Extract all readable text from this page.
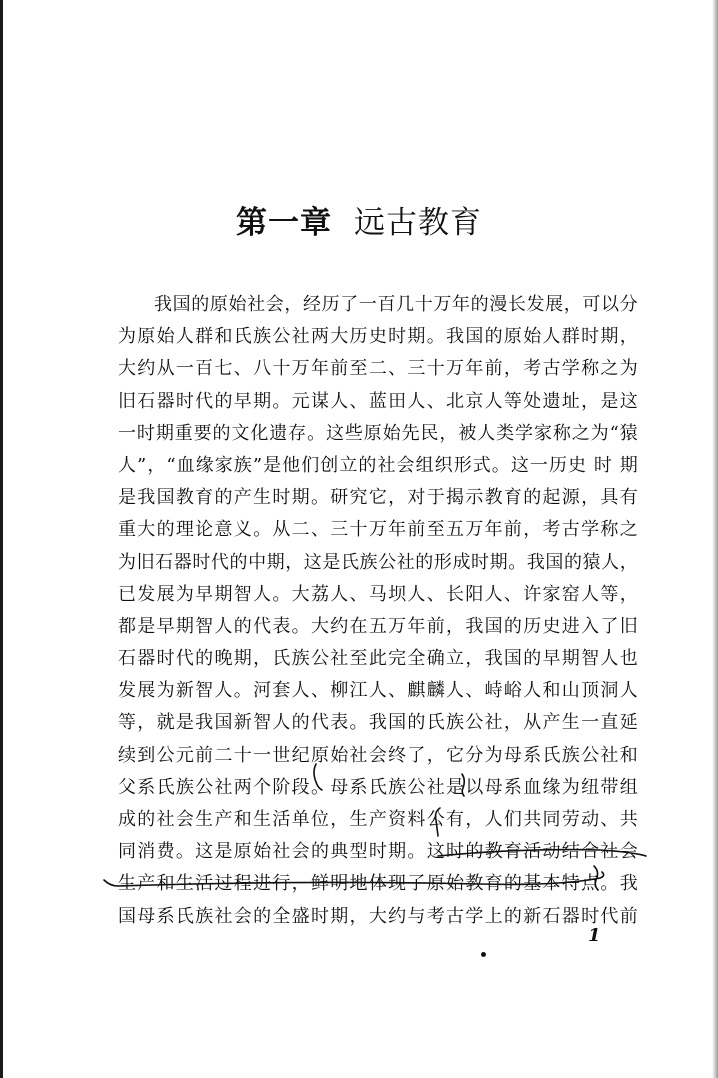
第一章 远古教育
我国的原始社会，经历了一百几十万年的漫长发展，可以分
为原始人群和氏族公社两大历史时期。我国的原始人群时期，
大约从一百七、八十万年前至二、三十万年前，考古学称之为
旧石器时代的早期。元谋人、蓝田人、北京人等处遗址，是这
一时期重要的文化遗存。这些原始先民，被人类学家称之为“猿
人”，“血缘家族”是他们创立的社会组织形式。这一历史 时 期
是我国教育的产生时期。研究它，对于揭示教育的起源，具有
重大的理论意义。从二、三十万年前至五万年前，考古学称之
为旧石器时代的中期，这是氏族公社的形成时期。我国的猿人，
已发展为早期智人。大荔人、马坝人、长阳人、许家窑人等，
都是早期智人的代表。大约在五万年前，我国的历史进入了旧
石器时代的晚期，氏族公社至此完全确立，我国的早期智人也
发展为新智人。河套人、柳江人、麒麟人、峙峪人和山顶洞人
等，就是我国新智人的代表。我国的氏族公社，从产生一直延
续到公元前二十一世纪原始社会终了，它分为母系氏族公社和
父系氏族公社两个阶段。母系氏族公社是以母系血缘为纽带组
成的社会生产和生活单位，生产资料公有，人们共同劳动、共
同消费。这是原始社会的典型时期。这时的教育活动结合社会
生产和生活过程进行，鲜明地体现了原始教育的基本特点。我
国母系氏族社会的全盛时期，大约与考古学上的新石器时代前
1
